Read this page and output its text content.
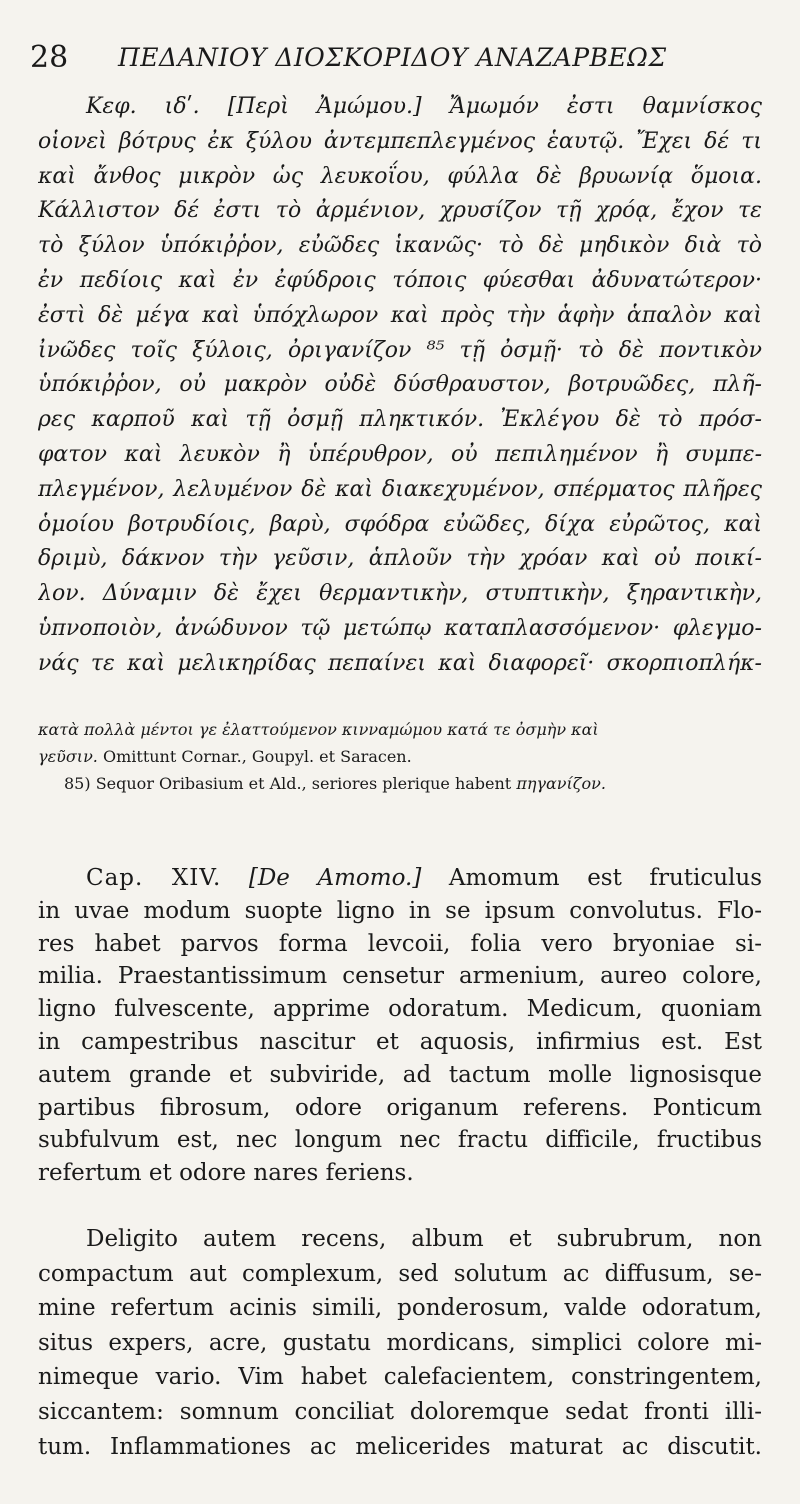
28 ΠΕΔΑΝΙΟΥ ΔΙΟΣΚΟΡΙΔΟΥ ΑΝΑΖΑΡΒΕΩΣ
Κεφ. ιδʹ. [Περὶ Ἀμώμου.] Ἄμωμόν ἐστι θαμνίσκος
οἱονεὶ βότρυς ἐκ ξύλου ἀντεμπεπλεγμένος ἑαυτῷ. Ἔχει δέ τι
καὶ ἄνθος μικρὸν ὡς λευκοΐου, φύλλα δὲ βρυωνίᾳ ὅμοια.
Κάλλιστον δέ ἐστι τὸ ἀρμένιον, χρυσίζον τῇ χρόᾳ, ἔχον τε
τὸ ξύλον ὑπόκιῤῥον, εὐῶδες ἱκανῶς· τὸ δὲ μηδικὸν διὰ τὸ
ἐν πεδίοις καὶ ἐν ἐφύδροις τόποις φύεσθαι ἀδυνατώτερον·
ἐστὶ δὲ μέγα καὶ ὑπόχλωρον καὶ πρὸς τὴν ἁφὴν ἁπαλὸν καὶ
ἰνῶδες τοῖς ξύλοις, ὀριγανίζον ⁸⁵ τῇ ὀσμῇ· τὸ δὲ ποντικὸν
ὑπόκιῤῥον, οὐ μακρὸν οὐδὲ δύσθραυστον, βοτρυῶδες, πλῆ-
ρες καρποῦ καὶ τῇ ὀσμῇ πληκτικόν. Ἐκλέγου δὲ τὸ πρόσ-
φατον καὶ λευκὸν ἢ ὑπέρυθρον, οὐ πεπιλημένον ἢ συμπε-
πλεγμένον, λελυμένον δὲ καὶ διακεχυμένον, σπέρματος πλῆρες
ὁμοίου βοτρυδίοις, βαρὺ, σφόδρα εὐῶδες, δίχα εὐρῶτος, καὶ
δριμὺ, δάκνον τὴν γεῦσιν, ἁπλοῦν τὴν χρόαν καὶ οὐ ποικί-
λον. Δύναμιν δὲ ἔχει θερμαντικὴν, στυπτικὴν, ξηραντικὴν,
ὑπνοποιὸν, ἀνώδυνον τῷ μετώπῳ καταπλασσόμενον· φλεγμο-
νάς τε καὶ μελικηρίδας πεπαίνει καὶ διαφορεῖ· σκορπιοπλήκ-
κατὰ πολλὰ μέντοι γε ἐλαττούμενον κινναμώμου κατά τε ὀσμὴν καὶ
γεῦσιν. Omittunt Cornar., Goupyl. et Saracen.
85) Sequor Oribasium et Ald., seriores plerique habent πηγανίζον.
Cap. XIV. [De Amomo.] Amomum est fruticulus
in uvae modum suopte ligno in se ipsum convolutus. Flo-
res habet parvos forma levcoii, folia vero bryoniae si-
milia. Praestantissimum censetur armenium, aureo colore,
ligno fulvescente, apprime odoratum. Medicum, quoniam
in campestribus nascitur et aquosis, infirmius est. Est
autem grande et subviride, ad tactum molle lignosisque
partibus fibrosum, odore origanum referens. Ponticum
subfulvum est, nec longum nec fractu difficile, fructibus
refertum et odore nares feriens.
Deligito autem recens, album et subrubrum, non
compactum aut complexum, sed solutum ac diffusum, se-
mine refertum acinis simili, ponderosum, valde odoratum,
situs expers, acre, gustatu mordicans, simplici colore mi-
nimeque vario. Vim habet calefacientem, constringentem,
siccantem: somnum conciliat doloremque sedat fronti illi-
tum. Inflammationes ac melicerides maturat ac discutit.
